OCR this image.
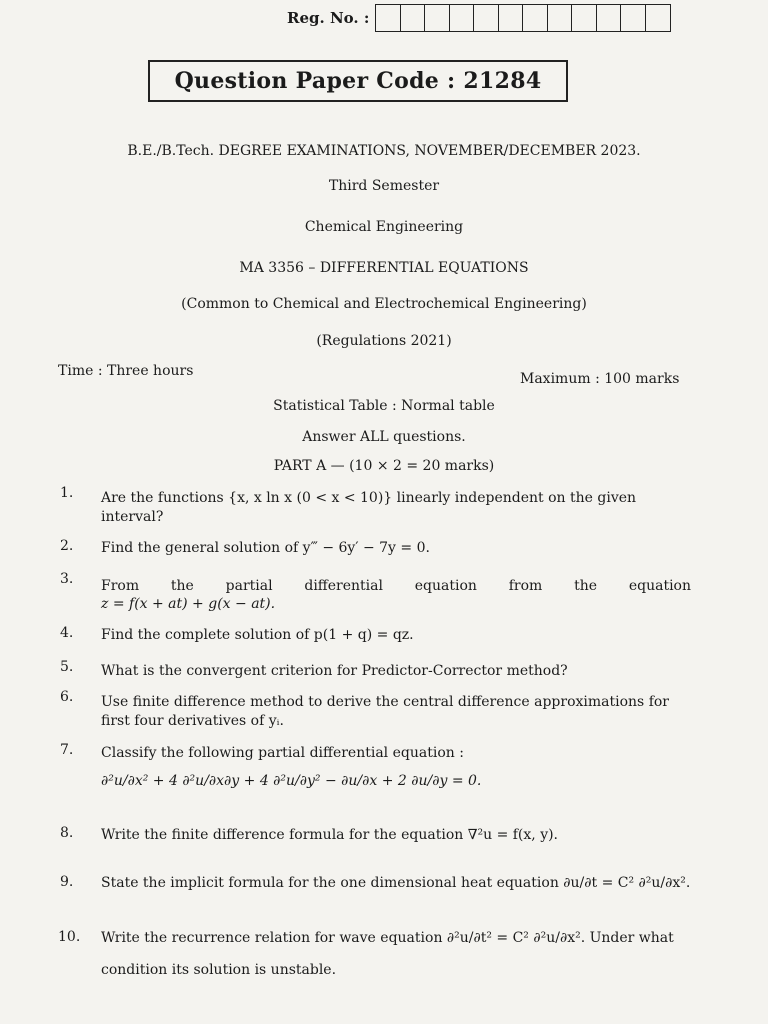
Reg. No. :
Question Paper Code : 21284
B.E./B.Tech. DEGREE EXAMINATIONS, NOVEMBER/DECEMBER 2023.
Third Semester
Chemical Engineering
MA 3356 – DIFFERENTIAL EQUATIONS
(Common to Chemical and Electrochemical Engineering)
(Regulations 2021)
Time : Three hours	Maximum : 100 marks
Statistical Table : Normal table
Answer ALL questions.
PART A — (10 × 2 = 20 marks)
1. Are the functions {x, x ln x (0 < x < 10)} linearly independent on the given interval?
2. Find the general solution of y‴ − 6y′ − 7y = 0.
3. From the partial differential equation from the equation
z = f(x + at) + g(x − at).
4. Find the complete solution of p(1 + q) = qz.
5. What is the convergent criterion for Predictor-Corrector method?
6. Use finite difference method to derive the central difference approximations for first four derivatives of yᵢ.
7. Classify the following partial differential equation :
∂²u/∂x² + 4 ∂²u/∂x∂y + 4 ∂²u/∂y² − ∂u/∂x + 2 ∂u/∂y = 0.
8. Write the finite difference formula for the equation ∇²u = f(x, y).
9. State the implicit formula for the one dimensional heat equation ∂u/∂t = C² ∂²u/∂x².
10. Write the recurrence relation for wave equation ∂²u/∂t² = C² ∂²u/∂x². Under what
condition its solution is unstable.
